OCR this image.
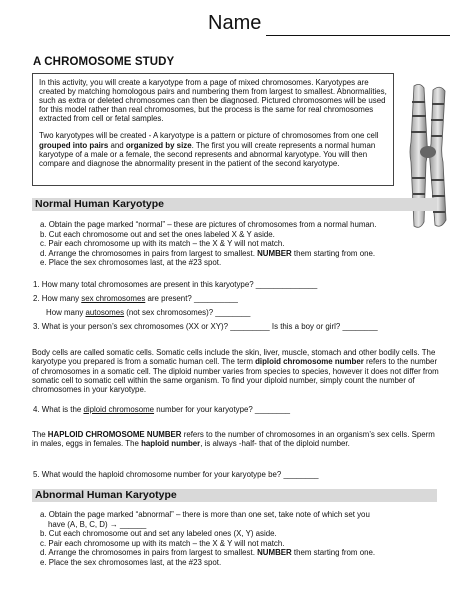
Name
A CHROMOSOME STUDY

In this activity, you will create a karyotype from a page of mixed chromosomes. Karyotypes are created by matching homologous pairs and numbering them from largest to smallest. Abnormalities, such as extra or deleted chromosomes can then be diagnosed. Pictured chromosomes will be used for this model rather than real chromosomes, but the process is the same for real chromosomes extracted from cell or fetal samples.

Two karyotypes will be created - A karyotype is a pattern or picture of chromosomes from one cell grouped into pairs and organized by size. The first you will create represents a normal human karyotype of a male or a female, the second represents and abnormal karyotype. You will then compare and diagnose the abnormality present in the patient of the second karyotype.

Normal Human Karyotype
a. Obtain the page marked “normal” – these are pictures of chromosomes from a normal human.
b. Cut each chromosome out and set the ones labeled X & Y aside.
c. Pair each chromosome up with its match – the X & Y will not match.
d. Arrange the chromosomes in pairs from largest to smallest. NUMBER them starting from one.
e. Place the sex chromosomes last, at the #23 spot.
1. How many total chromosomes are present in this karyotype? ______________
2. How many sex chromosomes are present? __________
How many autosomes (not sex chromosomes)? ________
3. What is your person’s sex chromosomes (XX or XY)? _________ Is this a boy or girl? ________
Body cells are called somatic cells. Somatic cells include the skin, liver, muscle, stomach and other bodily cells. The karyotype you prepared is from a somatic human cell. The term diploid chromosome number refers to the number of chromosomes in a somatic cell. The diploid number varies from species to species, however it does not differ from somatic cell to somatic cell within the same organism. To find your diploid number, simply count the number of chromosomes in your karyotype.
4. What is the diploid chromosome number for your karyotype? ________
The HAPLOID CHROMOSOME NUMBER refers to the number of chromosomes in an organism’s sex cells. Sperm in males, eggs in females. The haploid number, is always -half- that of the diploid number.
5. What would the haploid chromosome number for your karyotype be? ________
Abnormal Human Karyotype
a. Obtain the page marked “abnormal” – there is more than one set, take note of which set you
have (A, B, C, D) → ______
b. Cut each chromosome out and set any labeled ones (X, Y) aside.
c. Pair each chromosome up with its match – the X & Y will not match.
d. Arrange the chromosomes in pairs from largest to smallest. NUMBER them starting from one.
e. Place the sex chromosomes last, at the #23 spot.
